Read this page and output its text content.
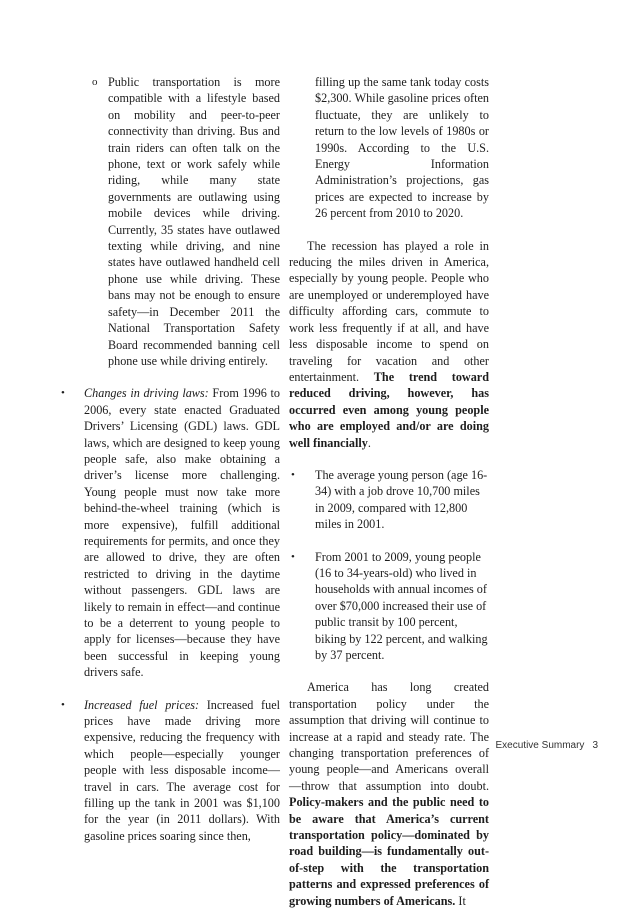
o Public transportation is more compatible with a lifestyle based on mobility and peer-to-peer connectivity than driving. Bus and train riders can often talk on the phone, text or work safely while riding, while many state governments are outlawing using mobile devices while driving. Currently, 35 states have outlawed texting while driving, and nine states have outlawed handheld cell phone use while driving. These bans may not be enough to ensure safety—in December 2011 the National Transportation Safety Board recommended banning cell phone use while driving entirely.

• Changes in driving laws: From 1996 to 2006, every state enacted Graduated Drivers’ Licensing (GDL) laws. GDL laws, which are designed to keep young people safe, also make obtaining a driver’s license more challenging. Young people must now take more behind-the-wheel training (which is more expensive), fulfill additional requirements for permits, and once they are allowed to drive, they are often restricted to driving in the daytime without passengers. GDL laws are likely to remain in effect—and continue to be a deterrent to young people to apply for licenses—because they have been successful in keeping young drivers safe.

• Increased fuel prices: Increased fuel prices have made driving more expensive, reducing the frequency with which people—especially younger people with less disposable income—travel in cars. The average cost for filling up the tank in 2001 was $1,100 for the year (in 2011 dollars). With gasoline prices soaring since then,

filling up the same tank today costs $2,300. While gasoline prices often fluctuate, they are unlikely to return to the low levels of 1980s or 1990s. According to the U.S. Energy Information Administration’s projections, gas prices are expected to increase by 26 percent from 2010 to 2020.

The recession has played a role in reducing the miles driven in America, especially by young people. People who are unemployed or underemployed have difficulty affording cars, commute to work less frequently if at all, and have less disposable income to spend on traveling for vacation and other entertainment. The trend toward reduced driving, however, has occurred even among young people who are employed and/or are doing well financially.

• The average young person (age 16-34) with a job drove 10,700 miles in 2009, compared with 12,800 miles in 2001.

• From 2001 to 2009, young people (16 to 34-years-old) who lived in households with annual incomes of over $70,000 increased their use of public transit by 100 percent, biking by 122 percent, and walking by 37 percent.

America has long created transportation policy under the assumption that driving will continue to increase at a rapid and steady rate. The changing transportation preferences of young people—and Americans overall—throw that assumption into doubt. Policy-makers and the public need to be aware that America’s current transportation policy—dominated by road building—is fundamentally out-of-step with the transportation patterns and expressed preferences of growing numbers of Americans. It

Executive Summary 3
